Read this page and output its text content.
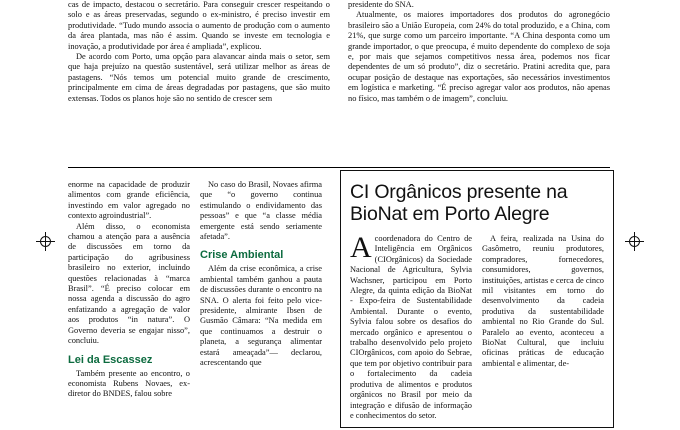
cas de impacto, destacou o secretário. Para conseguir crescer respeitando o solo e as áreas preservadas, segundo o ex-ministro, é preciso investir em produtividade. “Tudo mundo associa o aumento de produção com o aumento da área plantada, mas não é assim. Quando se investe em tecnologia e inovação, a produtividade por área é ampliada”, explicou.

De acordo com Porto, uma opção para alavancar ainda mais o setor, sem que haja prejuízo na questão sustentável, será utilizar melhor as áreas de pastagens. “Nós temos um potencial muito grande de crescimento, principalmente em cima de áreas degradadas por pastagens, que são muito extensas. Todos os planos hoje são no sentido de crescer sem

presidente do SNA.

Atualmente, os maiores importadores dos produtos do agronegócio brasileiro são a União Europeia, com 24% do total produzido, e a China, com 21%, que surge como um parceiro importante. “A China desponta como um grande importador, o que preocupa, é muito dependente do complexo de soja e, por mais que sejamos competitivos nessa área, podemos nos ficar dependentes de um só produto”, diz o secretário. Pratini acredita que, para ocupar posição de destaque nas exportações, são necessários investimentos em logística e marketing. “É preciso agregar valor aos produtos, não apenas no físico, mas também o de imagem”, concluiu.

enorme na capacidade de produzir alimentos com grande eficiência, investindo em valor agregado no contexto agroindustrial”.

Além disso, o economista chamou a atenção para a ausência de discussões em torno da participação do agribusiness brasileiro no exterior, incluindo questões relacionadas à “marca Brasil”. “É preciso colocar em nossa agenda a discussão do agro enfatizando a agregação de valor aos produtos “in natura”. O Governo deveria se engajar nisso”, concluiu.

Lei da Escassez

Também presente ao encontro, o economista Rubens Novaes, ex-diretor do BNDES, falou sobre

No caso do Brasil, Novaes afirma que “o governo continua estimulando o endividamento das pessoas” e que “a classe média emergente está sendo seriamente afetada”.

Crise Ambiental

Além da crise econômica, a crise ambiental também ganhou a pauta de discussões durante o encontro na SNA. O alerta foi feito pelo vice-presidente, almirante Ibsen de Gusmão Câmara: “Na medida em que continuamos a destruir o planeta, a segurança alimentar estará ameaçada”— declarou, acrescentando que

CI Orgânicos presente na BioNat em Porto Alegre
A coordenadora do Centro de Inteligência em Orgânicos (CIOrgânicos) da Sociedade Nacional de Agricultura, Sylvia Wachsner, participou em Porto Alegre, da quinta edição da BioNat - Expo-feira de Sustentabilidade Ambiental. Durante o evento, Sylvia falou sobre os desafios do mercado orgânico e apresentou o trabalho desenvolvido pelo projeto CIOrgânicos, com apoio do Sebrae, que tem por objetivo contribuir para o fortalecimento da cadeia produtiva de alimentos e produtos orgânicos no Brasil por meio da integração e difusão de informação e conhecimentos do setor.

A feira, realizada na Usina do Gasômetro, reuniu produtores, compradores, fornecedores, consumidores, governos, instituições, artistas e cerca de cinco mil visitantes em torno do desenvolvimento da cadeia produtiva da sustentabilidade ambiental no Rio Grande do Sul. Paralelo ao evento, aconteceu a BioNat Cultural, que incluiu oficinas práticas de educação ambiental e alimentar, de-
